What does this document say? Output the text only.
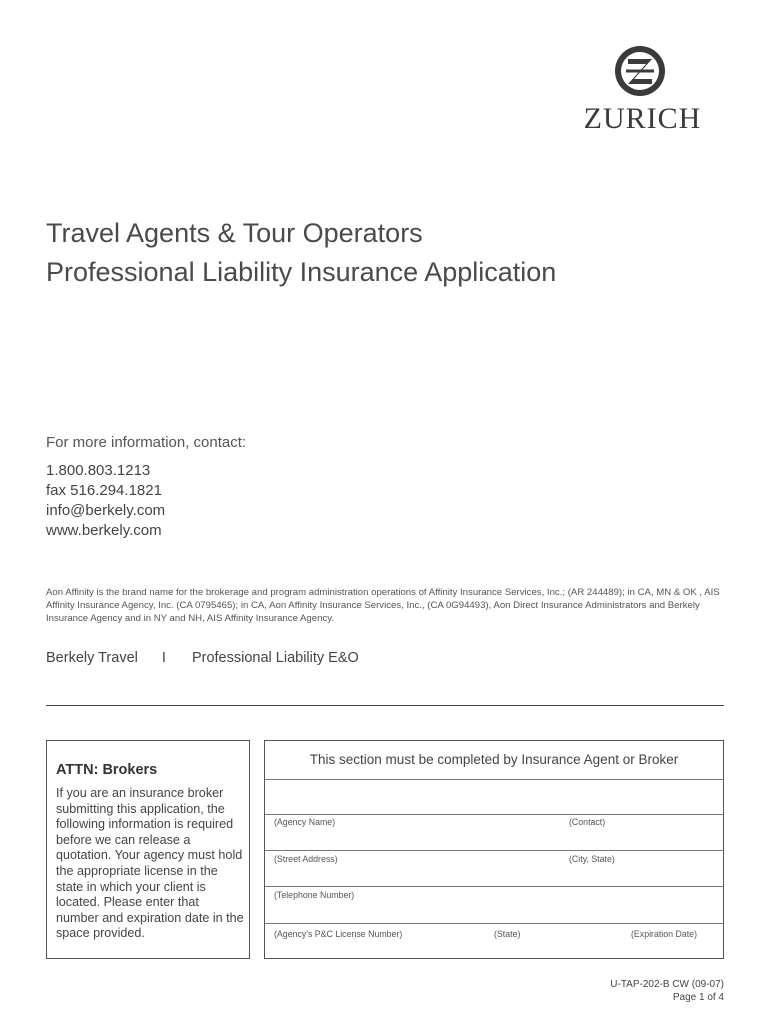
ZURICH
Travel Agents & Tour Operators
Professional Liability Insurance Application
For more information, contact:
1.800.803.1213
fax 516.294.1821
info@berkely.com
www.berkely.com
Aon Affinity is the brand name for the brokerage and program administration operations of Affinity Insurance Services, Inc.; (AR 244489); in CA, MN & OK , AIS Affinity Insurance Agency, Inc. (CA 0795465); in CA, Aon Affinity Insurance Services, Inc., (CA 0G94493), Aon Direct Insurance Administrators and Berkely Insurance Agency and in NY and NH, AIS Affinity Insurance Agency.
Berkely Travel I Professional Liability E&O
ATTN: Brokers
If you are an insurance broker submitting this application, the following information is required before we can release a quotation. Your agency must hold the appropriate license in the state in which your client is located. Please enter that number and expiration date in the space provided.
This section must be completed by Insurance Agent or Broker
(Agency Name)	(Contact)
(Street Address)	(City, State)
(Telephone Number)
(Agency's P&C License Number)	(State)	(Expiration Date)
U-TAP-202-B CW (09-07)
Page 1 of 4
